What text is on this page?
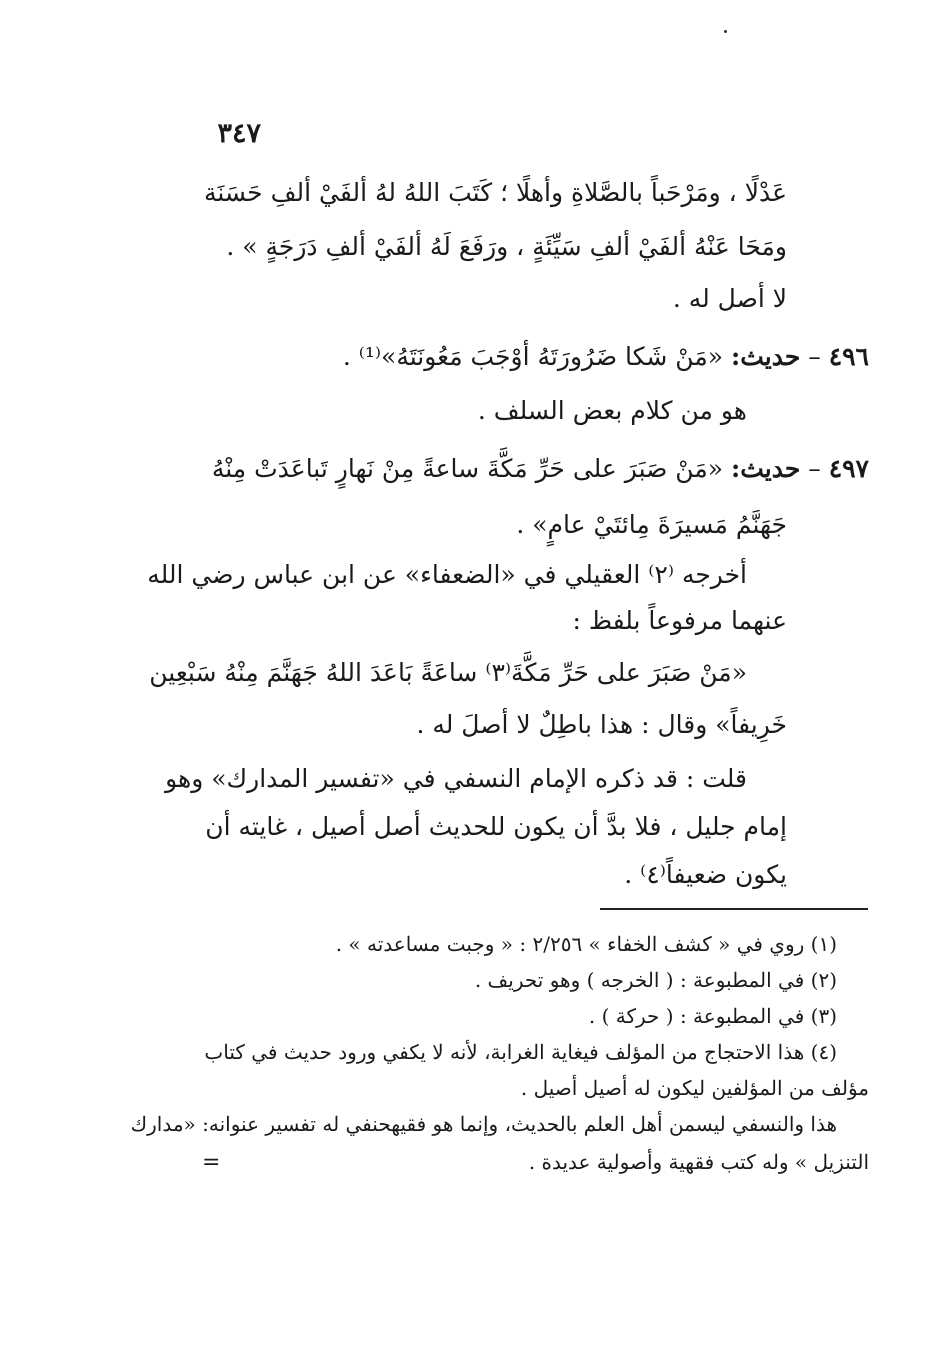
٣٤٧
عَدْلًا ، ومَرْحَباً بالصَّلاةِ وأهلًا ؛ كَتَبَ اللهُ لهُ ألفَيْ ألفِ حَسَنَة
ومَحَا عَنْهُ ألفَيْ ألفِ سَيِّئَةٍ ، ورَفَعَ لَهُ ألفَيْ ألفِ دَرَجَةٍ » .
لا أصل له .
٤٩٦ – حديث: «مَنْ شَكا ضَرُورَتَهُ أوْجَبَ مَعُونَتَهُ»⁽¹⁾ .
هو من كلام بعض السلف .
٤٩٧ – حديث: «مَنْ صَبَرَ على حَرِّ مَكَّةَ ساعةً مِنْ نَهارٍ تَباعَدَتْ مِنْهُ
جَهَنَّمُ مَسيرَةَ مِائتَيْ عامٍ» .
أخرجه ⁽٢⁾ العقيلي في «الضعفاء» عن ابن عباس رضي الله
عنهما مرفوعاً بلفظ :
«مَنْ صَبَرَ على حَرِّ مَكَّةَ⁽٣⁾ ساعَةً بَاعَدَ اللهُ جَهَنَّمَ مِنْهُ سَبْعِين
خَرِيفاً» وقال : هذا باطِلٌ لا أصلَ له .
قلت : قد ذكره الإمام النسفي في «تفسير المدارك» وهو
إمام جليل ، فلا بدَّ أن يكون للحديث أصل أصيل ، غايته أن
يكون ضعيفاً⁽٤⁾ .
(١) روي في « كشف الخفاء » ٢/٢٥٦ : « وجبت مساعدته » .
(٢) في المطبوعة : ( الخرجه ) وهو تحريف .
(٣) في المطبوعة : ( حركة ) .
(٤) هذا الاحتجاج من المؤلف فيغاية الغرابة، لأنه لا يكفي ورود حديث في كتاب
مؤلف من المؤلفين ليكون له أصيل أصيل .
هذا والنسفي ليسمن أهل العلم بالحديث، وإنما هو فقيهحنفي له تفسير عنوانه: «مدارك
التنزيل » وله كتب فقهية وأصولية عديدة .
=
